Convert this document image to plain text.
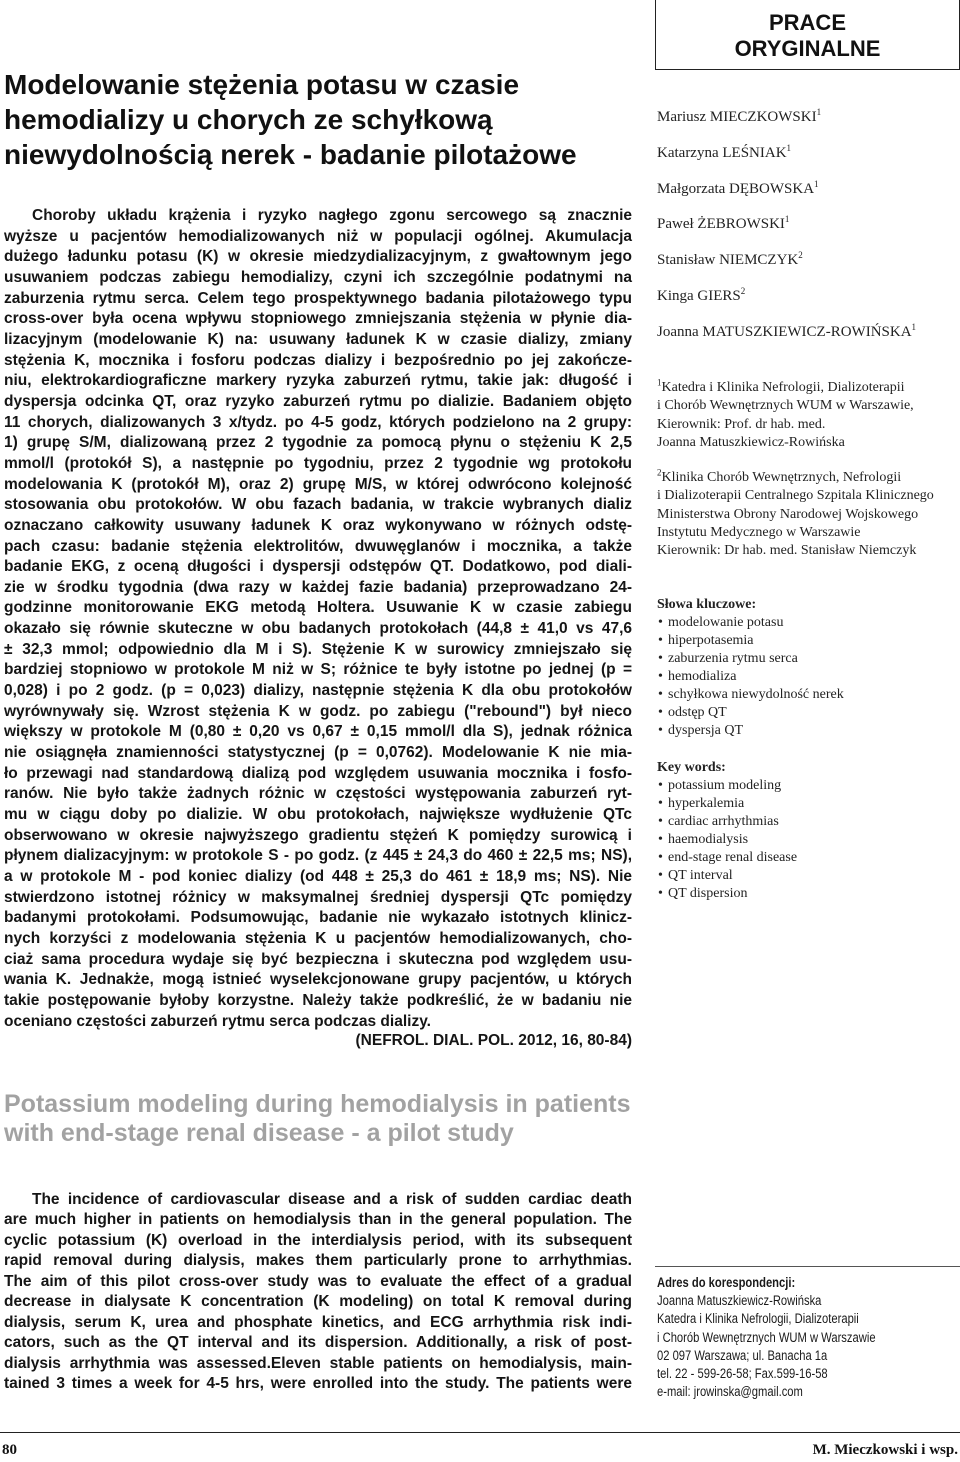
PRACE
ORYGINALNE
Modelowanie stężenia potasu w czasie
hemodializy u chorych ze schyłkową
niewydolnością nerek - badanie pilotażowe
Choroby układu krążenia i ryzyko nagłego zgonu sercowego są znacznie
wyższe u pacjentów hemodializowanych niż w populacji ogólnej. Akumulacja
dużego ładunku potasu (K) w okresie miedzydializacyjnym, z gwałtownym jego
usuwaniem podczas zabiegu hemodializy, czyni ich szczególnie podatnymi na
zaburzenia rytmu serca. Celem tego prospektywnego badania pilotażowego typu
cross-over była ocena wpływu stopniowego zmniejszania stężenia w płynie dia-
lizacyjnym (modelowanie K) na: usuwany ładunek K w czasie dializy, zmiany
stężenia K, mocznika i fosforu podczas dializy i bezpośrednio po jej zakończe-
niu, elektrokardiograficzne markery ryzyka zaburzeń rytmu, takie jak: długość i
dyspersja odcinka QT, oraz ryzyko zaburzeń rytmu po dializie. Badaniem objęto
11 chorych, dializowanych 3 x/tydz. po 4-5 godz, których podzielono na 2 grupy:
1) grupę S/M, dializowaną przez 2 tygodnie za pomocą płynu o stężeniu K 2,5
mmol/l (protokół S), a następnie po tygodniu, przez 2 tygodnie wg protokołu
modelowania K (protokół M), oraz 2) grupę M/S, w której odwrócono kolejność
stosowania obu protokołów. W obu fazach badania, w trakcie wybranych dializ
oznaczano całkowity usuwany ładunek K oraz wykonywano w różnych odstę-
pach czasu: badanie stężenia elektrolitów, dwuwęglanów i mocznika, a także
badanie EKG, z oceną długości i dyspersji odstępów QT. Dodatkowo, pod diali-
zie w środku tygodnia (dwa razy w każdej fazie badania) przeprowadzano 24-
godzinne monitorowanie EKG metodą Holtera. Usuwanie K w czasie zabiegu
okazało się równie skuteczne w obu badanych protokołach (44,8 ± 41,0 vs 47,6
± 32,3 mmol; odpowiednio dla M i S). Stężenie K w surowicy zmniejszało się
bardziej stopniowo w protokole M niż w S; różnice te były istotne po jednej (p =
0,028) i po 2 godz. (p = 0,023) dializy, następnie stężenia K dla obu protokołów
wyrównywały się. Wzrost stężenia K w godz. po zabiegu ("rebound") był nieco
większy w protokole M (0,80 ± 0,20 vs 0,67 ± 0,15 mmol/l dla S), jednak różnica
nie osiągnęła znamienności statystycznej (p = 0,0762). Modelowanie K nie mia-
ło przewagi nad standardową dializą pod względem usuwania mocznika i fosfo-
ranów. Nie było także żadnych różnic w częstości występowania zaburzeń ryt-
mu w ciągu doby po dializie. W obu protokołach, największe wydłużenie QTc
obserwowano w okresie najwyższego gradientu stężeń K pomiędzy surowicą i
płynem dializacyjnym: w protokole S - po godz. (z 445 ± 24,3 do 460 ± 22,5 ms; NS),
a w protokole M - pod koniec dializy (od 448 ± 25,3 do 461 ± 18,9 ms; NS). Nie
stwierdzono istotnej różnicy w maksymalnej średniej dyspersji QTc pomiędzy
badanymi protokołami. Podsumowując, badanie nie wykazało istotnych klinicz-
nych korzyści z modelowania stężenia K u pacjentów hemodializowanych, cho-
ciaż sama procedura wydaje się być bezpieczna i skuteczna pod względem usu-
wania K. Jednakże, mogą istnieć wyselekcjonowane grupy pacjentów, u których
takie postępowanie byłoby korzystne. Należy także podkreślić, że w badaniu nie
oceniano częstości zaburzeń rytmu serca podczas dializy.
(NEFROL. DIAL. POL. 2012, 16, 80-84)
Potassium modeling during hemodialysis in patients
with end-stage renal disease - a pilot study
The incidence of cardiovascular disease and a risk of sudden cardiac death
are much higher in patients on hemodialysis than in the general population. The
cyclic potassium (K) overload in the interdialysis period, with its subsequent
rapid removal during dialysis, makes them particularly prone to arrhythmias.
The aim of this pilot cross-over study was to evaluate the effect of a gradual
decrease in dialysate K concentration (K modeling) on total K removal during
dialysis, serum K, urea and phosphate kinetics, and ECG arrhythmia risk indi-
cators, such as the QT interval and its dispersion. Additionally, a risk of post-
dialysis arrhythmia was assessed.Eleven stable patients on hemodialysis, main-
tained 3 times a week for 4-5 hrs, were enrolled into the study. The patients were
Mariusz MIECZKOWSKI$^1$
Katarzyna LEŚNIAK$^1$
Małgorzata DĘBOWSKA$^1$
Paweł ŻEBROWSKI$^1$
Stanisław NIEMCZYK$^2$
Kinga GIERS$^2$
Joanna MATUSZKIEWICZ-ROWIŃSKA$^1$
$^1$Katedra i Klinika Nefrologii, Dializoterapii
i Chorób Wewnętrznych WUM w Warszawie,
Kierownik: Prof. dr hab. med.
Joanna Matuszkiewicz-Rowińska
$^2$Klinika Chorób Wewnętrznych, Nefrologii
i Dializoterapii Centralnego Szpitala Klinicznego
Ministerstwa Obrony Narodowej Wojskowego
Instytutu Medycznego w Warszawie
Kierownik: Dr hab. med. Stanisław Niemczyk
Słowa kluczowe:
• modelowanie potasu
• hiperpotasemia
• zaburzenia rytmu serca
• hemodializa
• schyłkowa niewydolność nerek
• odstęp QT
• dyspersja QT
Key words:
• potassium modeling
• hyperkalemia
• cardiac arrhythmias
• haemodialysis
• end-stage renal disease
• QT interval
• QT dispersion
Adres do korespondencji:
Joanna Matuszkiewicz-Rowińska
Katedra i Klinika Nefrologii, Dializoterapii
i Chorób Wewnętrznych WUM w Warszawie
02 097 Warszawa; ul. Banacha 1a
tel. 22 - 599-26-58; Fax.599-16-58
e-mail: jrowinska@gmail.com
80	M. Mieczkowski i wsp.
